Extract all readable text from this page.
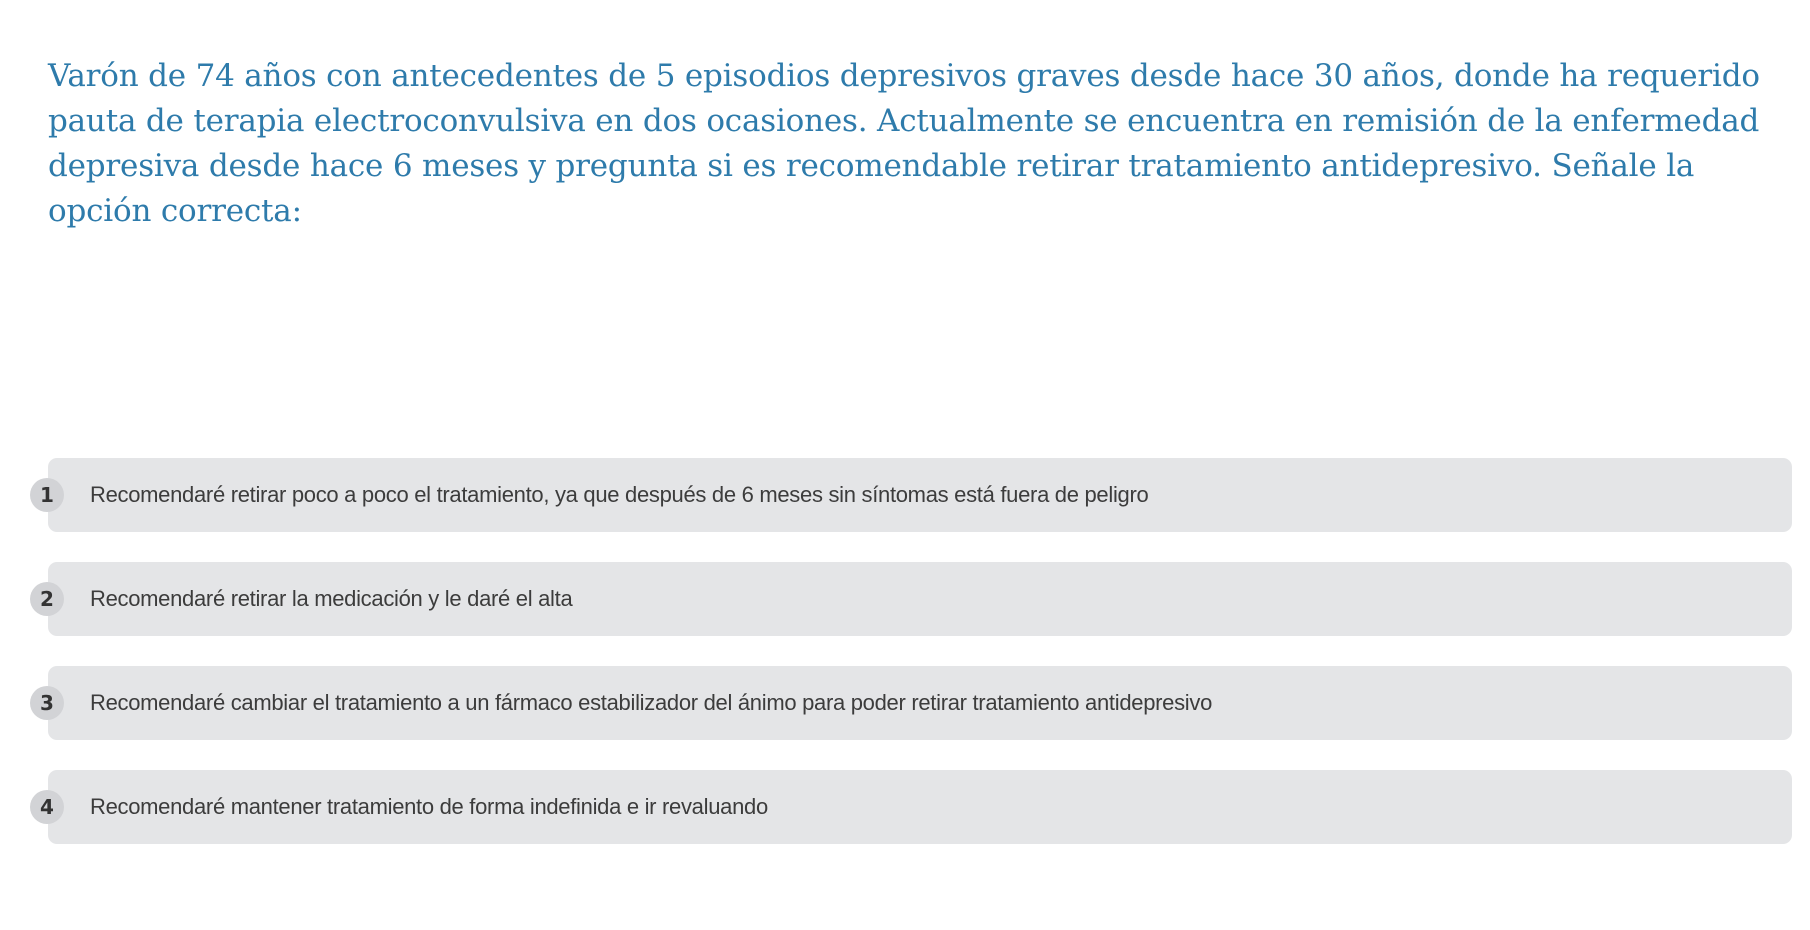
Varón de 74 años con antecedentes de 5 episodios depresivos graves desde hace 30 años, donde ha requerido pauta de terapia electroconvulsiva en dos ocasiones. Actualmente se encuentra en remisión de la enfermedad depresiva desde hace 6 meses y pregunta si es recomendable retirar tratamiento antidepresivo. Señale la opción correcta:

1	Recomendaré retirar poco a poco el tratamiento, ya que después de 6 meses sin síntomas está fuera de peligro
2	Recomendaré retirar la medicación y le daré el alta
3	Recomendaré cambiar el tratamiento a un fármaco estabilizador del ánimo para poder retirar tratamiento antidepresivo
4	Recomendaré mantener tratamiento de forma indefinida e ir revaluando
